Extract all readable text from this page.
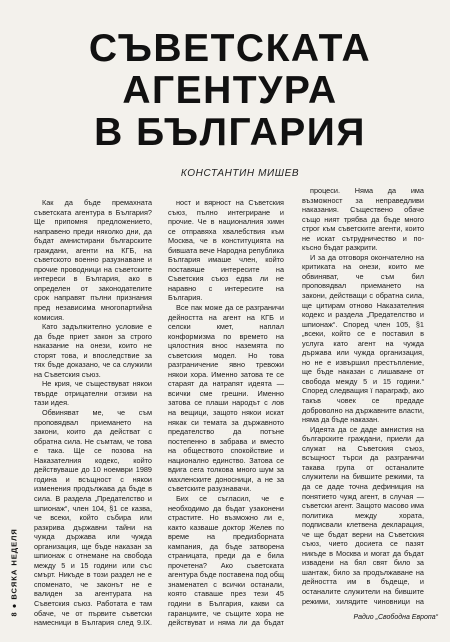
СЪВЕТСКАТА
АГЕНТУРА
В БЪЛГАРИЯ
КОНСТАНТИН МИШЕВ

Как да бъде премахната съветската агентура в България? Ще припомня предложението, направено преди няколко дни, да бъдат амнистирани българските граждани, агенти на КГБ, на съветското военно разузнаване и прочие проводници на съветските интереси в България, ако в определен от законодателите срок направят пълни признания пред независима многопартийна комисия.

Като задължително условие е да бъде приет закон за строго наказание на онези, които не сторят това, и впоследствие за тях бъде доказано, че са служили на Съветския съюз.

Не крия, че съществуват някои твърде отрицателни отзиви на тази идея.

Обвиняват ме, че съм проповядвал приемането на закони, които да действат с обратна сила. Не съмтам, че това е така. Ще се позова на Наказателния кодекс, който действуваше до 10 ноември 1989 година и всъщност с някои изменения продължава да бъде в сила. В раздела „Предателство и шпионаж“, член 104, §1 се казва, че всеки, който събира или разкрива държавни тайни на чужда държава или чужда организация, ще бъде наказан за шпионаж с отнемане на свобода между 5 и 15 години или със смърт. Никъде в този раздел не е споменато, че законът не е валиден за агентурата на Съветския съюз. Работата е там обаче, че от първите съветски намесници в България след 9.IX.

ност и вярност на Съветския съюз, пълно интегриране и прочие. Че в националния химн се отправяха хвалебствия към Москва, че в конституцията на бившата вече Народна република България имаше член, който поставяше интересите на Съветския съюз едва ли не наравно с интересите на България.

Все пак може да се разграничи дейността на агент на КГБ и селски кмет, наплал конформизма по времето на цялостния внос наземята по съветския модел. Но това разграничение явно тревожи някои хора. Именно затова те се стараят да натрапят идеята — всички сме грешни. Именно затова се плаши народът с лов на вещици, защото някои искат някак си темата за държавното предателство да потъне постепенно в забрава и вместо на обществото спокойствие и национално единство. Затова се вдига сега толкова много шум за махленските доносници, а не за съветските разузнавачи.

Бих се съгласил, че е необходимо да бъдат узаконени страстите. Но възможно ли е, както казваше доктор Желев по време на предизборната кампания, да бъде затворена страницата, преди да е била прочетена? Ако съветската агентура бъде поставена под общ знаменател с всички останали, която ставаше през тези 45 години в България, какви са гаранциите, че същите хора не действуват и няма ли да бъдат

процеси. Няма да има възможност за неправедливи наказания. Съществено обаче също ният трябва да бъде много строг към съветските агенти, които не искат сътрудничество и по-късно бъдат разкрити.

И за да отговоря окончателно на критиката на онези, които ме обвиняват, че съм бил проповядвал приемането на закони, действащи с обратна сила, ще цитирам отново Наказателния кодекс и раздела „Предателство и шпионаж“. Според член 105, §1 „всеки, който се е поставил в услуга като агент на чужда държава или чужда организация, но не е извършил престъпление, ще бъде наказан с лишаване от свобода между 5 и 15 години.“ Според следващия ї параграф, ако такъв човек се предаде доброволно на държавните власти, няма да бъде наказан.

Идеята да се даде амнистия на българските граждани, приели да служат на Съветския съюз, всъщност търси да разграничи такава група от останалите служители на бившите режими, та да се даде точна дефиниция на понятието чужд агент, в случая — съветски агент. Защото масово има политика между хората, подписвали клетвена декларация, че ще бъдат верни на Съветския съюз, чието досиета се пазят никъде в Москва и могат да бъдат извадени на бял свят било за шантаж, било за продължаване на дейността им в бъдеще, и останалите служители на бившите режими, хилядите чиновници на

8 ● ВСЯКА НЕДЕЛЯ
Радио „Свободна Европа“
